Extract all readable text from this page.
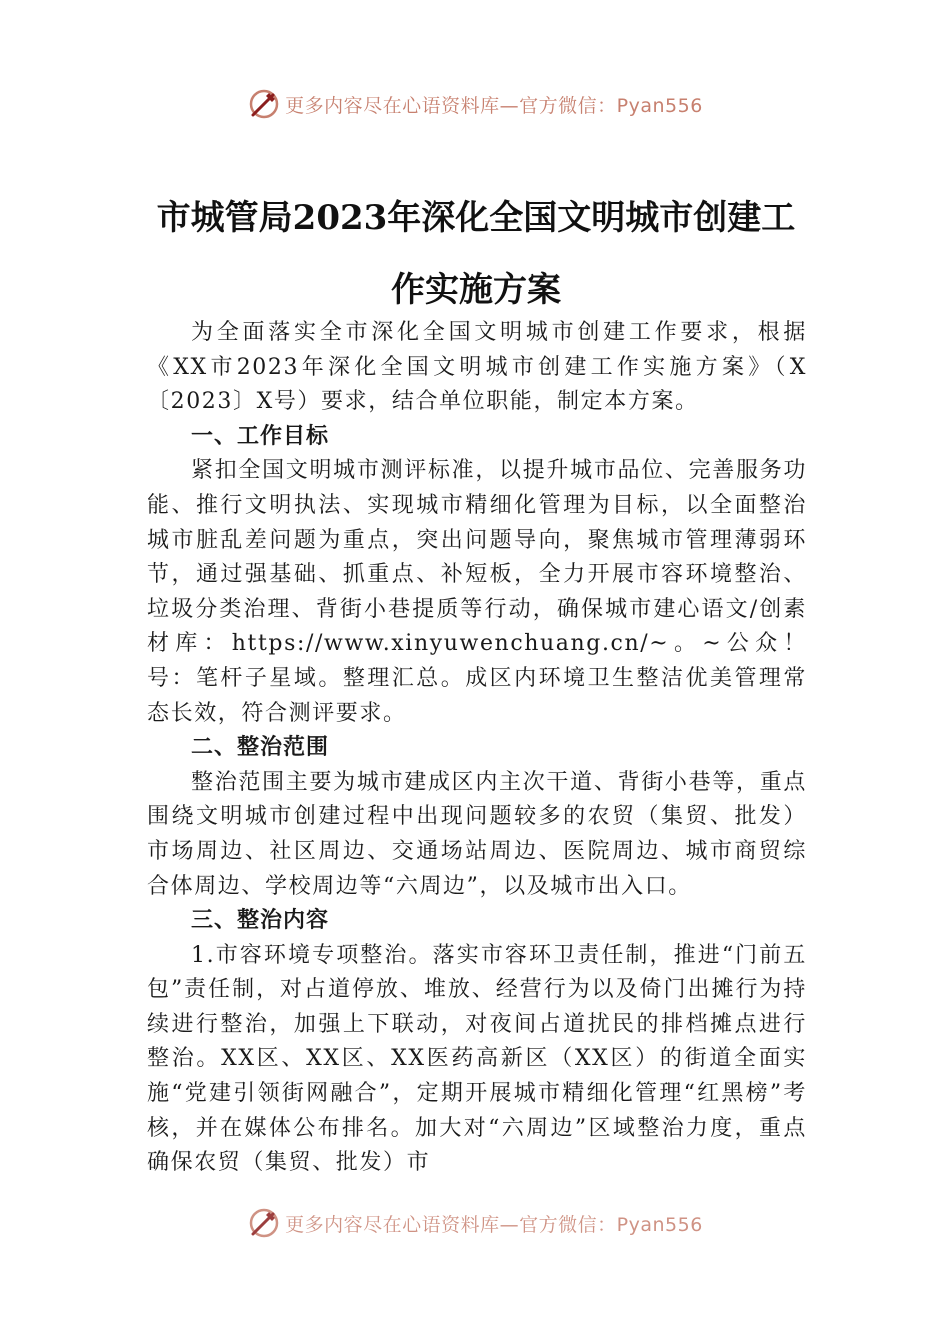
更多内容尽在心语资料库—官方微信：Pyan556
市城管局2023年深化全国文明城市创建工
作实施方案

为全面落实全市深化全国文明城市创建工作要求，根据《XX市2023年深化全国文明城市创建工作实施方案》（X〔2023〕X号）要求，结合单位职能，制定本方案。

一、工作目标

紧扣全国文明城市测评标准，以提升城市品位、完善服务功能、推行文明执法、实现城市精细化管理为目标，以全面整治城市脏乱差问题为重点，突出问题导向，聚焦城市管理薄弱环节，通过强基础、抓重点、补短板，全力开展市容环境整治、垃圾分类治理、背街小巷提质等行动，确保城市建心语文/创素材库：https://www.xinyuwenchuang.cn/~。~公众！号：笔杆子星域。整理汇总。成区内环境卫生整洁优美管理常态长效，符合测评要求。

二、整治范围

整治范围主要为城市建成区内主次干道、背街小巷等，重点围绕文明城市创建过程中出现问题较多的农贸（集贸、批发）市场周边、社区周边、交通场站周边、医院周边、城市商贸综合体周边、学校周边等“六周边”，以及城市出入口。

三、整治内容

1.市容环境专项整治。落实市容环卫责任制，推进“门前五包”责任制，对占道停放、堆放、经营行为以及倚门出摊行为持续进行整治，加强上下联动，对夜间占道扰民的排档摊点进行整治。XX区、XX区、XX医药高新区（XX区）的街道全面实施“党建引领街网融合”，定期开展城市精细化管理“红黑榜”考核，并在媒体公布排名。加大对“六周边”区域整治力度，重点确保农贸（集贸、批发）市

更多内容尽在心语资料库—官方微信：Pyan556
